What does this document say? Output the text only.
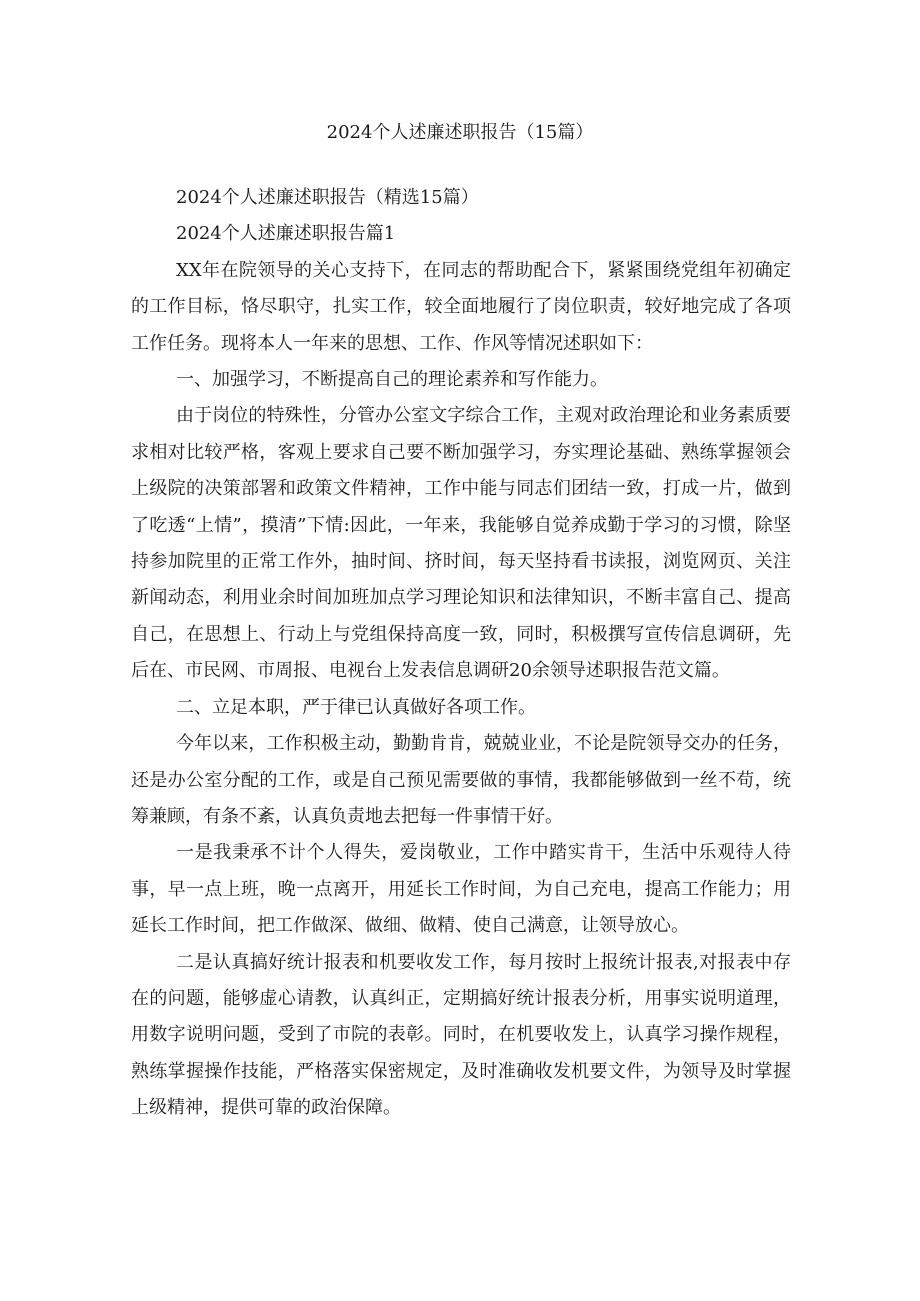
2024个人述廉述职报告（15篇）

2024个人述廉述职报告（精选15篇）

2024个人述廉述职报告篇1

XX年在院领导的关心支持下，在同志的帮助配合下，紧紧围绕党组年初确定的工作目标，恪尽职守，扎实工作，较全面地履行了岗位职责，较好地完成了各项工作任务。现将本人一年来的思想、工作、作风等情况述职如下：

一、加强学习，不断提高自己的理论素养和写作能力。

由于岗位的特殊性，分管办公室文字综合工作，主观对政治理论和业务素质要求相对比较严格，客观上要求自己要不断加强学习，夯实理论基础、熟练掌握领会上级院的决策部署和政策文件精神，工作中能与同志们团结一致，打成一片，做到了吃透“上情”，摸清”下情:因此，一年来，我能够自觉养成勤于学习的习惯，除坚持参加院里的正常工作外，抽时间、挤时间，每天坚持看书读报，浏览网页、关注新闻动态，利用业余时间加班加点学习理论知识和法律知识，不断丰富自己、提高自己，在思想上、行动上与党组保持高度一致，同时，积极撰写宣传信息调研，先后在、市民网、市周报、电视台上发表信息调研20余领导述职报告范文篇。

二、立足本职，严于律已认真做好各项工作。

今年以来，工作积极主动，勤勤肯肯，兢兢业业，不论是院领导交办的任务，还是办公室分配的工作，或是自己预见需要做的事情，我都能够做到一丝不苟，统筹兼顾，有条不紊，认真负责地去把每一件事情干好。

一是我秉承不计个人得失，爱岗敬业，工作中踏实肯干，生活中乐观待人待事，早一点上班，晚一点离开，用延长工作时间，为自己充电，提高工作能力；用延长工作时间，把工作做深、做细、做精、使自己满意，让领导放心。

二是认真搞好统计报表和机要收发工作，每月按时上报统计报表,对报表中存在的问题，能够虚心请教，认真纠正，定期搞好统计报表分析，用事实说明道理，用数字说明问题，受到了市院的表彰。同时，在机要收发上，认真学习操作规程，熟练掌握操作技能，严格落实保密规定，及时准确收发机要文件，为领导及时掌握上级精神，提供可靠的政治保障。
